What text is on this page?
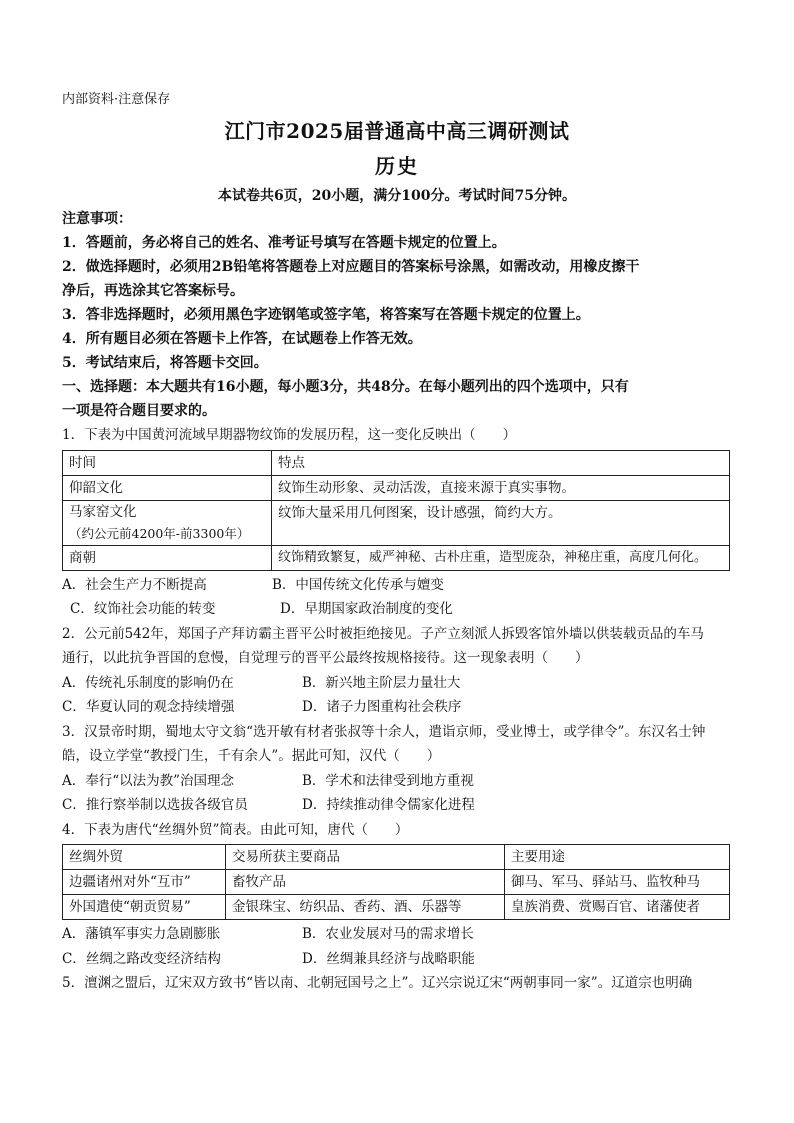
内部资料·注意保存
江门市2025届普通高中高三调研测试
历史
本试卷共6页，20小题，满分100分。考试时间75分钟。
注意事项：
1．答题前，务必将自己的姓名、准考证号填写在答题卡规定的位置上。
2．做选择题时，必须用2B铅笔将答题卷上对应题目的答案标号涂黑，如需改动，用橡皮擦干
净后，再选涂其它答案标号。
3．答非选择题时，必须用黑色字迹钢笔或签字笔，将答案写在答题卡规定的位置上。
4．所有题目必须在答题卡上作答，在试题卷上作答无效。
5．考试结束后，将答题卡交回。
一、选择题：本大题共有16小题，每小题3分，共48分。在每小题列出的四个选项中，只有
一项是符合题目要求的。

1．下表为中国黄河流域早期器物纹饰的发展历程，这一变化反映出（　　）

时间	特点
仰韶文化	纹饰生动形象、灵动活泼，直接来源于真实事物。

马家窑文化
（约公元前4200年-前3300年）	纹饰大量采用几何图案，设计感强，简约大方。
商朝	纹饰精致繁复，威严神秘、古朴庄重，造型庞杂，神秘庄重，高度几何化。
A．社会生产力不断提高	B．中国传统文化传承与嬗变
C．纹饰社会功能的转变	D．早期国家政治制度的变化

2．公元前542年，郑国子产拜访霸主晋平公时被拒绝接见。子产立刻派人拆毁客馆外墙以供装载贡品的车马

通行，以此抗争晋国的怠慢，自觉理亏的晋平公最终按规格接待。这一现象表明（　　）

A．传统礼乐制度的影响仍在	B．新兴地主阶层力量壮大
C．华夏认同的观念持续增强	D．诸子力图重构社会秩序

3．汉景帝时期，蜀地太守文翁“选开敏有材者张叔等十余人，遣诣京师，受业博士，或学律令”。东汉名士钟

皓，设立学堂“教授门生，千有余人”。据此可知，汉代（　　）

A．奉行“以法为教”治国理念	B．学术和法律受到地方重视
C．推行察举制以选拔各级官员	D．持续推动律令儒家化进程

4．下表为唐代“丝绸外贸”简表。由此可知，唐代（　　）

丝绸外贸	交易所获主要商品	主要用途
边疆诸州对外“互市”	畜牧产品	御马、军马、驿站马、监牧种马
外国遣使“朝贡贸易”	金银珠宝、纺织品、香药、酒、乐器等	皇族消费、赏赐百官、诸藩使者
A．藩镇军事实力急剧膨胀	B．农业发展对马的需求增长
C．丝绸之路改变经济结构	D．丝绸兼具经济与战略职能

5．澶渊之盟后，辽宋双方致书“皆以南、北朝冠国号之上”。辽兴宗说辽宋“两朝事同一家”。辽道宗也明确
